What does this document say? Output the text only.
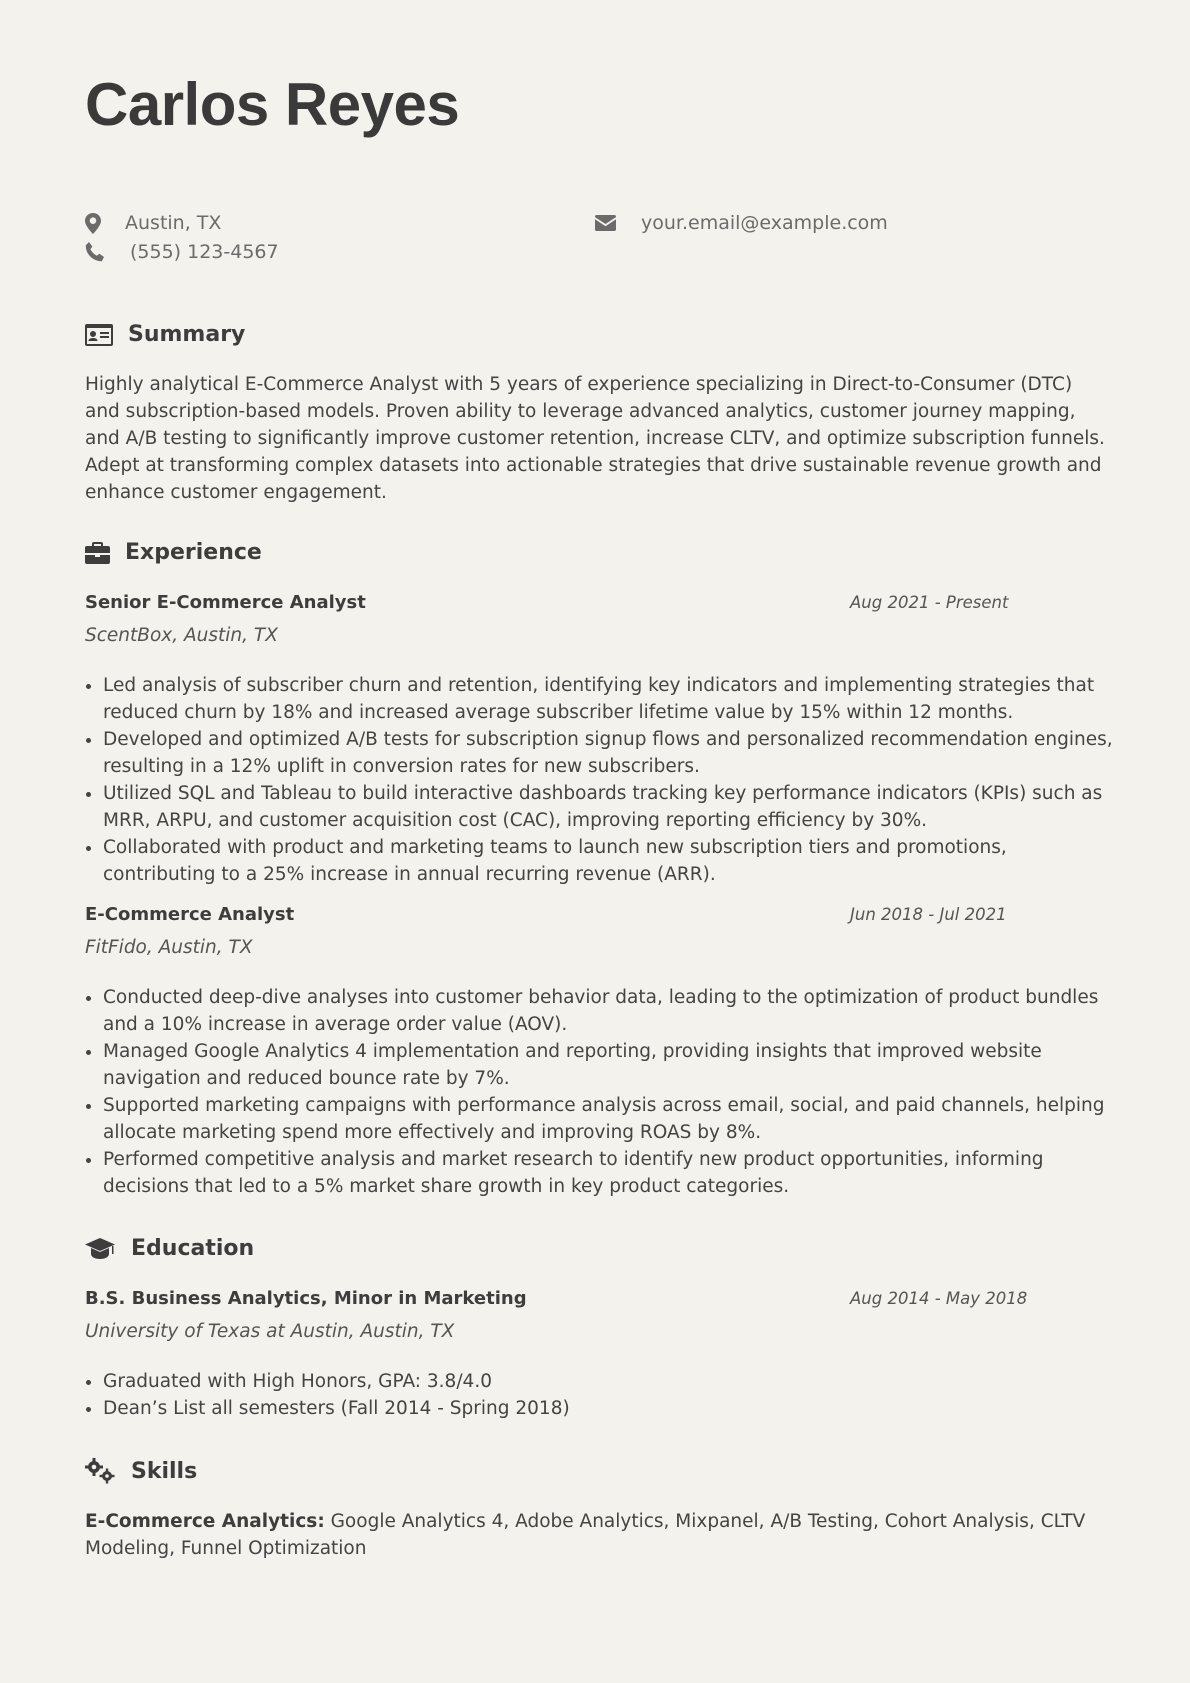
Carlos Reyes
Austin, TX	your.email@example.com
(555) 123-4567
Summary

Highly analytical E-Commerce Analyst with 5 years of experience specializing in Direct-to-Consumer (DTC) and subscription-based models. Proven ability to leverage advanced analytics, customer journey mapping, and A/B testing to significantly improve customer retention, increase CLTV, and optimize subscription funnels. Adept at transforming complex datasets into actionable strategies that drive sustainable revenue growth and enhance customer engagement.

Experience
Senior E-Commerce Analyst	Aug 2021 - Present
ScentBox, Austin, TX
• Led analysis of subscriber churn and retention, identifying key indicators and implementing strategies that reduced churn by 18% and increased average subscriber lifetime value by 15% within 12 months.
• Developed and optimized A/B tests for subscription signup flows and personalized recommendation engines, resulting in a 12% uplift in conversion rates for new subscribers.
• Utilized SQL and Tableau to build interactive dashboards tracking key performance indicators (KPIs) such as MRR, ARPU, and customer acquisition cost (CAC), improving reporting efficiency by 30%.
• Collaborated with product and marketing teams to launch new subscription tiers and promotions, contributing to a 25% increase in annual recurring revenue (ARR).
E-Commerce Analyst	Jun 2018 - Jul 2021
FitFido, Austin, TX
• Conducted deep-dive analyses into customer behavior data, leading to the optimization of product bundles and a 10% increase in average order value (AOV).
• Managed Google Analytics 4 implementation and reporting, providing insights that improved website navigation and reduced bounce rate by 7%.
• Supported marketing campaigns with performance analysis across email, social, and paid channels, helping allocate marketing spend more effectively and improving ROAS by 8%.
• Performed competitive analysis and market research to identify new product opportunities, informing decisions that led to a 5% market share growth in key product categories.
Education
B.S. Business Analytics, Minor in Marketing	Aug 2014 - May 2018
University of Texas at Austin, Austin, TX
• Graduated with High Honors, GPA: 3.8/4.0
• Dean’s List all semesters (Fall 2014 - Spring 2018)
Skills

E-Commerce Analytics: Google Analytics 4, Adobe Analytics, Mixpanel, A/B Testing, Cohort Analysis, CLTV Modeling, Funnel Optimization
